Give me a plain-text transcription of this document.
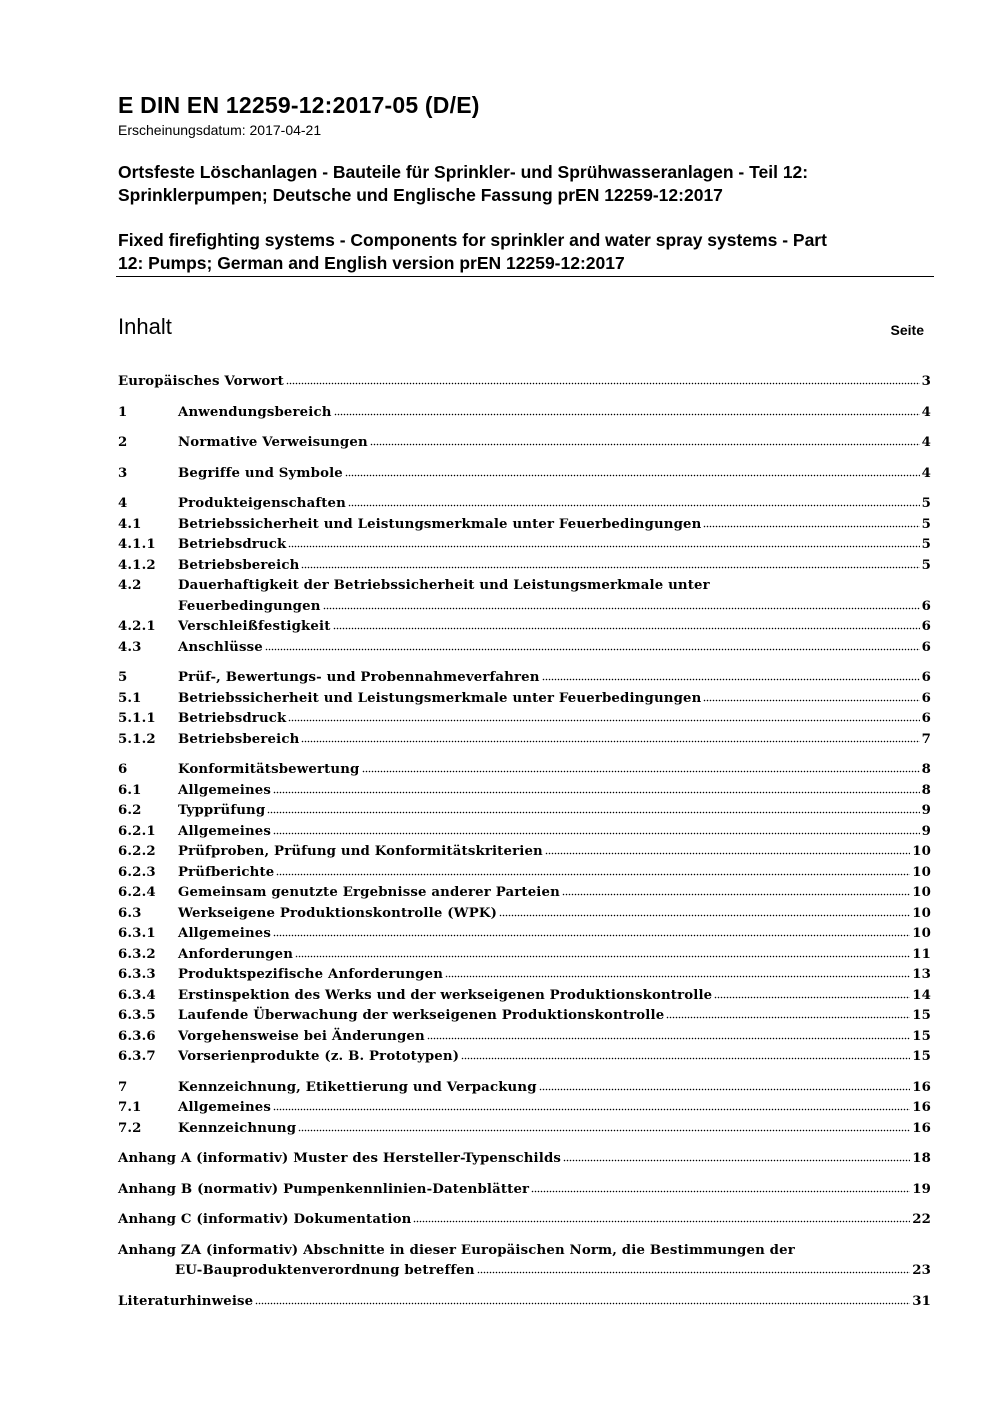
E DIN EN 12259-12:2017-05 (D/E)
Erscheinungsdatum: 2017-04-21
Ortsfeste Löschanlagen - Bauteile für Sprinkler- und Sprühwasseranlagen - Teil 12:
Sprinklerpumpen; Deutsche und Englische Fassung prEN 12259-12:2017
Fixed firefighting systems - Components for sprinkler and water spray systems - Part
12: Pumps; German and English version prEN 12259-12:2017
Inhalt	Seite
Europäisches Vorwort	3
1	Anwendungsbereich	4
2	Normative Verweisungen	4
3	Begriffe und Symbole	4
4	Produkteigenschaften	5
4.1	Betriebssicherheit und Leistungsmerkmale unter Feuerbedingungen	5
4.1.1	Betriebsdruck	5
4.1.2	Betriebsbereich	5
4.2	Dauerhaftigkeit der Betriebssicherheit und Leistungsmerkmale unter
Feuerbedingungen	6
4.2.1	Verschleißfestigkeit	6
4.3	Anschlüsse	6
5	Prüf-, Bewertungs- und Probennahmeverfahren	6
5.1	Betriebssicherheit und Leistungsmerkmale unter Feuerbedingungen	6
5.1.1	Betriebsdruck	6
5.1.2	Betriebsbereich	7
6	Konformitätsbewertung	8
6.1	Allgemeines	8
6.2	Typprüfung	9
6.2.1	Allgemeines	9
6.2.2	Prüfproben, Prüfung und Konformitätskriterien	10
6.2.3	Prüfberichte	10
6.2.4	Gemeinsam genutzte Ergebnisse anderer Parteien	10
6.3	Werkseigene Produktionskontrolle (WPK)	10
6.3.1	Allgemeines	10
6.3.2	Anforderungen	11
6.3.3	Produktspezifische Anforderungen	13
6.3.4	Erstinspektion des Werks und der werkseigenen Produktionskontrolle	14
6.3.5	Laufende Überwachung der werkseigenen Produktionskontrolle	15
6.3.6	Vorgehensweise bei Änderungen	15
6.3.7	Vorserienprodukte (z. B. Prototypen)	15
7	Kennzeichnung, Etikettierung und Verpackung	16
7.1	Allgemeines	16
7.2	Kennzeichnung	16
Anhang A (informativ) Muster des Hersteller-Typenschilds	18
Anhang B (normativ) Pumpenkennlinien-Datenblätter	19
Anhang C (informativ) Dokumentation	22
Anhang ZA (informativ) Abschnitte in dieser Europäischen Norm, die Bestimmungen der
EU-Bauproduktenverordnung betreffen	23
Literaturhinweise	31
